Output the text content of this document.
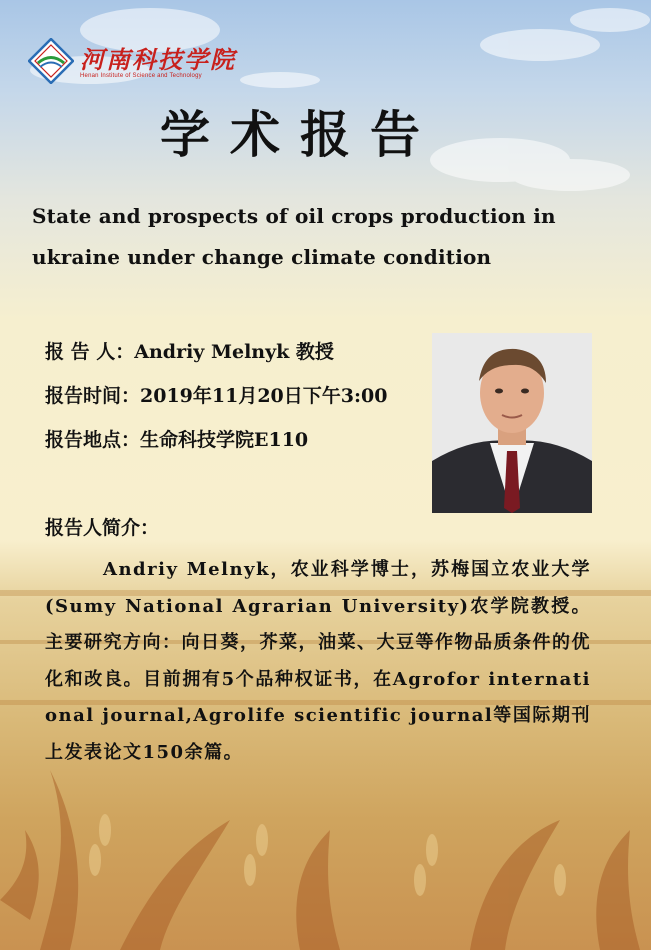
河南科技学院
Henan Institute of Science and Technology
学术报告
State and prospects of oil crops production in ukraine under change climate condition
报 告 人：Andriy Melnyk 教授
报告时间：2019年11月20日下午3:00
报告地点：生命科技学院E110
报告人简介：
Andriy Melnyk，农业科学博士，苏梅国立农业大学(Sumy National Agrarian University)农学院教授。主要研究方向：向日葵，芥菜，油菜、大豆等作物品质条件的优化和改良。目前拥有5个品种权证书，在Agrofor international journal,Agrolife scientific journal等国际期刊上发表论文150余篇。
